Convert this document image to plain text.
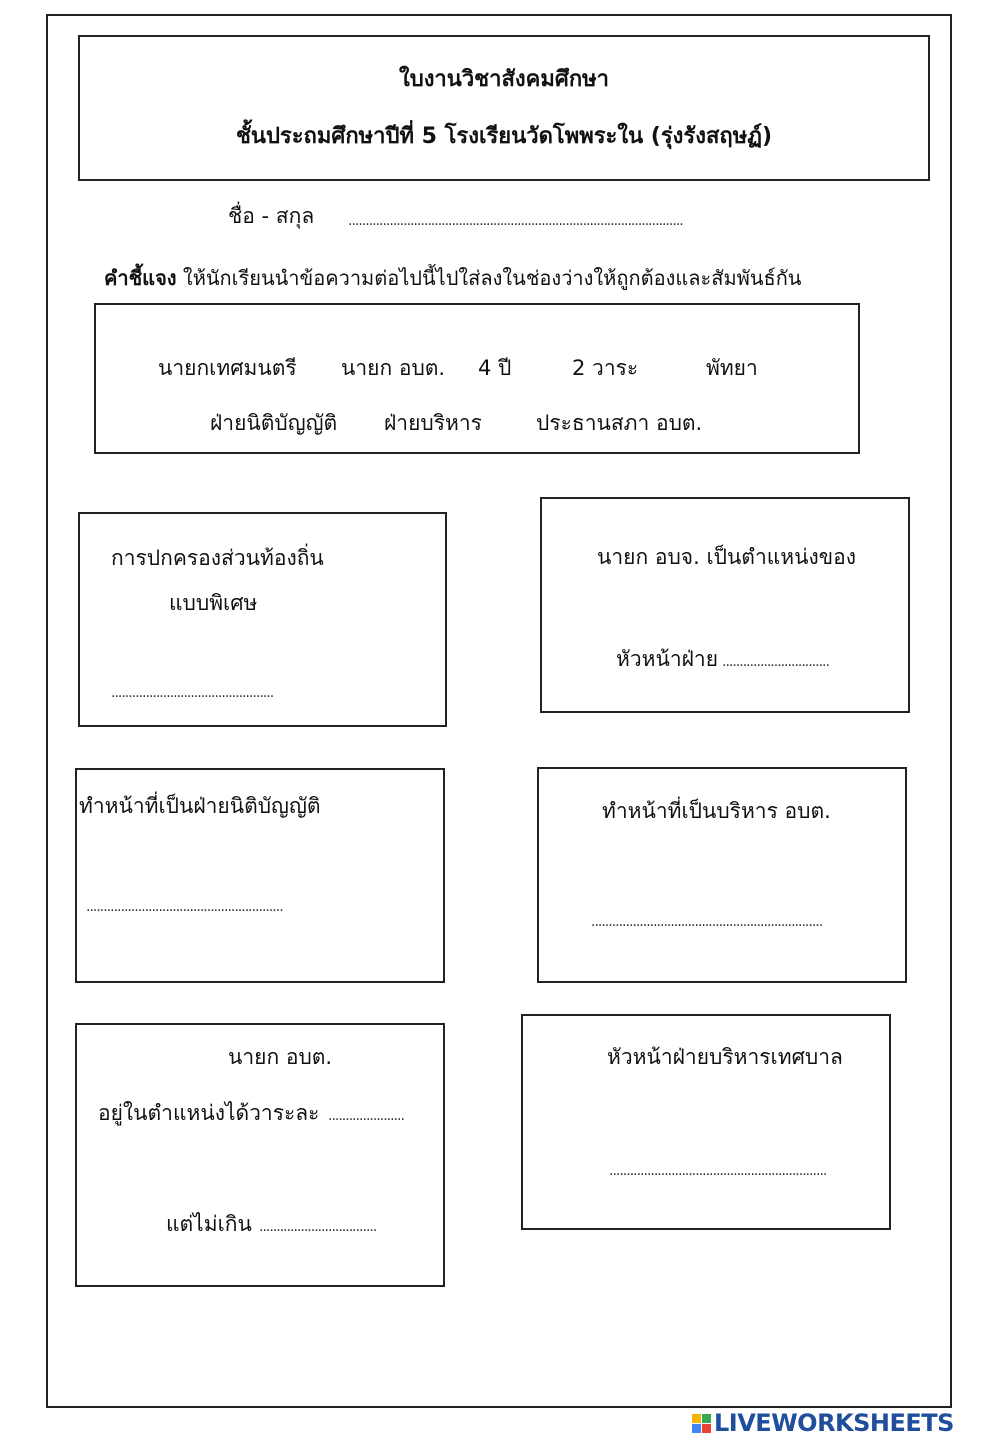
ใบงานวิชาสังคมศึกษา
ชั้นประถมศึกษาปีที่ 5 โรงเรียนวัดโพพระใน (รุ่งรังสฤษฏ์)
ชื่อ - สกุล .................................................................................................
คำชี้แจง ให้นักเรียนนำข้อความต่อไปนี้ไปใส่ลงในช่องว่างให้ถูกต้องและสัมพันธ์กัน
นายกเทศมนตรี นายก อบต. 4 ปี	2 วาระ	พัทยา
ฝ่ายนิติบัญญัติ ฝ่ายบริหาร	ประธานสภา อบต.
การปกครองส่วนท้องถิ่น
แบบพิเศษ
...............................................
นายก อบจ. เป็นตำแหน่งของ
หัวหน้าฝ่าย ...............................
ทำหน้าที่เป็นฝ่ายนิติบัญญัติ
.........................................................
ทำหน้าที่เป็นบริหาร อบต.
...................................................................
นายก อบต.
อยู่ในตำแหน่งได้วาระละ ......................
แต่ไม่เกิน ..................................
หัวหน้าฝ่ายบริหารเทศบาล
...............................................................
LIVEWORKSHEETS
